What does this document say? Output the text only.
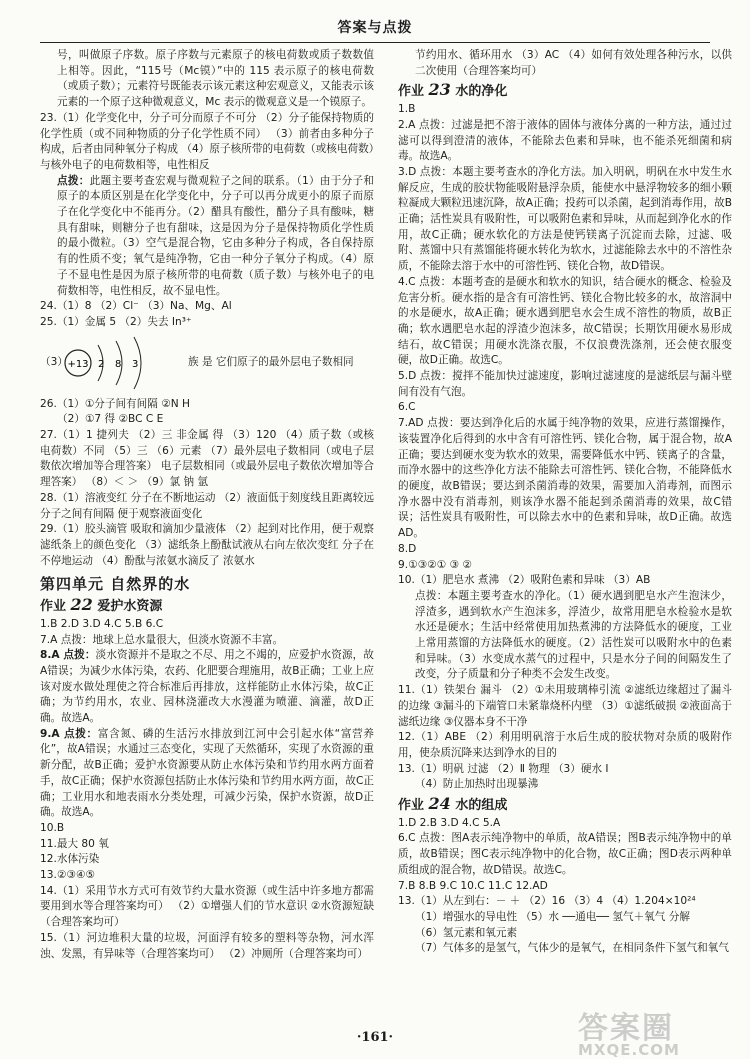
答案与点拨

号，叫做原子序数。原子序数与元素原子的核电荷数或质子数数值上相等。因此，“115号（Mc镆）”中的 115 表示原子的核电荷数（或质子数）；元素符号既能表示该元素这种宏观意义，又能表示该元素的一个原子这种微观意义，Mc 表示的微观意义是一个镆原子。

23.（1）化学变化中，分子可分而原子不可分 （2）分子能保持物质的化学性质（或不同种物质的分子化学性质不同） （3）前者由多种分子构成，后者由同种氧分子构成 （4）原子核所带的电荷数（或核电荷数）与核外电子的电荷数相等，电性相反

点拨：此题主要考查宏观与微观粒子之间的联系。（1）由于分子和原子的本质区别是在化学变化中，分子可以再分成更小的原子而原子在化学变化中不能再分。（2）醋具有酸性，醋分子具有酸味，糖具有甜味，则糖分子也有甜味，这是因为分子是保持物质化学性质的最小微粒。（3）空气是混合物，它由多种分子构成，各自保持原有的性质不变；氧气是纯净物，它由一种分子氧分子构成。（4）原子不显电性是因为原子核所带的电荷数（质子数）与核外电子的电荷数相等，电性相反，故不显电性。

24.（1）8 （2）Cl⁻ （3）Na、Mg、Al

25.（1）金属 5 （2）失去 In³⁺

（3） +13 2 8 3	族 是 它们原子的最外层电子数相同

26.（1）①分子间有间隔 ②N H

（2）①7 得 ②BC C E

27.（1）1 捷列夫 （2）三 非金属 得 （3）120 （4）质子数（或核电荷数）不同 （5）三 （6）元素 （7）最外层电子数相同（或电子层数依次增加等合理答案） 电子层数相同（或最外层电子数依次增加等合理答案） （8）＜ ＞ （9）氯 钠 氩

28.（1）溶液变红 分子在不断地运动 （2）液面低于刻度线且距离较远 分子之间有间隔 便于观察液面变化

29.（1）胶头滴管 吸取和滴加少量液体 （2）起到对比作用，便于观察滤纸条上的颜色变化 （3）滤纸条上酚酞试液从右向左依次变红 分子在不停地运动 （4）酚酞与浓氨水滴反了 浓氨水

第四单元 自然界的水
作业 22 爱护水资源

1.B 2.D 3.D 4.C 5.B 6.C

7.A 点拨：地球上总水量很大，但淡水资源不丰富。

8.A 点拨：淡水资源并不是取之不尽、用之不竭的，应爱护水资源，故A错误；为减少水体污染，农药、化肥要合理施用，故B正确；工业上应该对废水做处理使之符合标准后再排放，这样能防止水体污染，故C正确；为节约用水，农业、园林浇灌改大水漫灌为喷灌、滴灌，故D正确。故选A。

9.A 点拨：富含氮、磷的生活污水排放到江河中会引起水体“富营养化”，故A错误；水通过三态变化，实现了天然循环，实现了水资源的重新分配，故B正确；爱护水资源要从防止水体污染和节约用水两方面着手，故C正确；保护水资源包括防止水体污染和节约用水两方面，故C正确；工业用水和地表雨水分类处理，可减少污染，保护水资源，故D正确。故选A。

10.B

11.最大 80 氧

12.水体污染

13.②③④⑤

14.（1）采用节水方式可有效节约大量水资源（或生活中许多地方都需要用到水等合理答案均可） （2）①增强人们的节水意识 ②水资源短缺（合理答案均可）

15.（1）河边堆积大量的垃圾，河面浮有较多的塑料等杂物，河水浑浊、发黑，有异味等（合理答案均可） （2）冲厕所（合理答案均可）

节约用水、循环用水 （3）AC （4）如何有效处理各种污水，以供二次使用（合理答案均可）

作业 23 水的净化

1.B

2.A 点拨：过滤是把不溶于液体的固体与液体分离的一种方法，通过过滤可以得到澄清的液体，不能除去色素和异味，也不能杀死细菌和病毒。故选A。

3.D 点拨：本题主要考查水的净化方法。加入明矾，明矾在水中发生水解反应，生成的胶状物能吸附悬浮杂质，能使水中悬浮物较多的细小颗粒凝成大颗粒迅速沉降，故A正确；投药可以杀菌，起到消毒作用，故B正确；活性炭具有吸附性，可以吸附色素和异味，从而起到净化水的作用，故C正确；硬水软化的方法是使钙镁离子沉淀而去除，过滤、吸附、蒸馏中只有蒸馏能将硬水转化为软水，过滤能除去水中的不溶性杂质，不能除去溶于水中的可溶性钙、镁化合物，故D错误。

4.C 点拨：本题考查的是硬水和软水的知识，结合硬水的概念、检验及危害分析。硬水指的是含有可溶性钙、镁化合物比较多的水，故溶洞中的水是硬水，故A正确；硬水遇到肥皂水会生成不溶性的物质，故B正确；软水遇肥皂水起的浮渣少泡沫多，故C错误；长期饮用硬水易形成结石，故C错误；用硬水洗涤衣服，不仅浪费洗涤剂，还会使衣服变硬，故D正确。故选C。

5.D 点拨：搅拌不能加快过滤速度，影响过滤速度的是滤纸层与漏斗壁间有没有气泡。

6.C

7.AD 点拨：要达到净化后的水属于纯净物的效果，应进行蒸馏操作，该装置净化后得到的水中含有可溶性钙、镁化合物，属于混合物，故A正确；要达到硬水变为软水的效果，需要降低水中钙、镁离子的含量，而净水器中的这些净化方法不能除去可溶性钙、镁化合物，不能降低水的硬度，故B错误；要达到杀菌消毒的效果，需要加入消毒剂，而图示净水器中没有消毒剂，则该净水器不能起到杀菌消毒的效果，故C错误；活性炭具有吸附性，可以除去水中的色素和异味，故D正确。故选AD。

8.D

9.①③②① ③ ②

10.（1）肥皂水 煮沸 （2）吸附色素和异味 （3）AB

点拨：本题主要考查水的净化。（1）硬水遇到肥皂水产生泡沫少，浮渣多，遇到软水产生泡沫多，浮渣少，故常用肥皂水检验水是软水还是硬水；生活中经常使用加热煮沸的方法降低水的硬度，工业上常用蒸馏的方法降低水的硬度。（2）活性炭可以吸附水中的色素和异味。（3）水变成水蒸气的过程中，只是水分子间的间隔发生了改变，分子质量和分子种类不会发生改变。

11.（1）铁架台 漏斗 （2）①未用玻璃棒引流 ②滤纸边缘超过了漏斗的边缘 ③漏斗的下端管口未紧靠烧杯内壁 （3）①滤纸破损 ②液面高于滤纸边缘 ③仪器本身不干净

12.（1）ABE （2）利用明矾溶于水后生成的胶状物对杂质的吸附作用，使杂质沉降来达到净水的目的

13.（1）明矾 过滤 （2）Ⅱ 物理 （3）硬水 Ⅰ

（4）防止加热时出现暴沸

作业 24 水的组成

1.D 2.B 3.D 4.C 5.A

6.C 点拨：图A表示纯净物中的单质，故A错误；图B表示纯净物中的单质，故B错误；图C表示纯净物中的化合物，故C正确；图D表示两种单质组成的混合物，故D错误。故选C。

7.B 8.B 9.C 10.C 11.C 12.AD

13.（1）从左到右：－ ＋ （2）16 （3）4 （4）1.204×10²⁴

（1）增强水的导电性 （5）水 ──通电── 氢气＋氧气 分解

（6）氢元素和氧元素

（7）气体多的是氢气，气体少的是氧气，在相同条件下氢气和氧气

·161·	答案圈
MXQE.COM
